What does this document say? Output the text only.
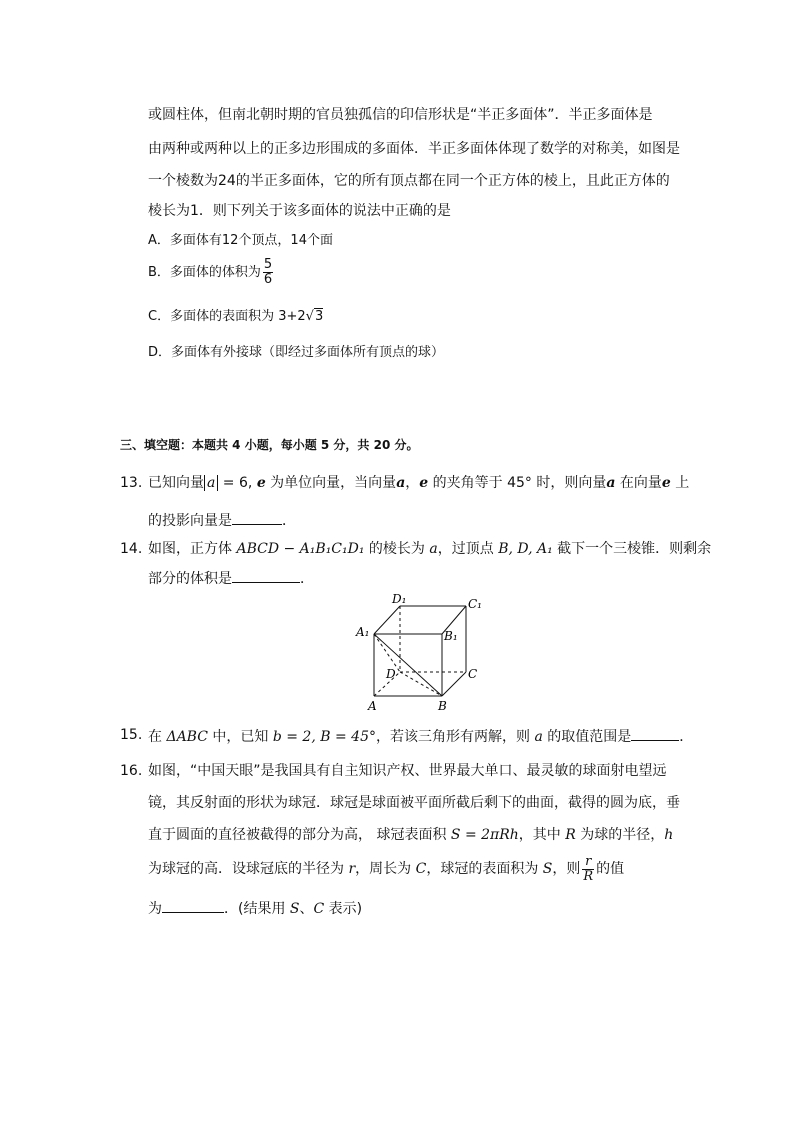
或圆柱体，但南北朝时期的官员独孤信的印信形状是“半正多面体”．半正多面体是
由两种或两种以上的正多边形围成的多面体．半正多面体体现了数学的对称美，如图是
一个棱数为24的半正多面体，它的所有顶点都在同一个正方体的棱上，且此正方体的
棱长为1．则下列关于该多面体的说法中正确的是
A．多面体有12个顶点，14个面
B．多面体的体积为 $\frac{5}{6}$
C．多面体的表面积为 3+2√3
D．多面体有外接球（即经过多面体所有顶点的球）
三、填空题：本题共 4 小题，每小题 5 分，共 20 分。
13. 已知向量 a = 6, e 为单位向量，当向量a，e 的夹角等于 45° 时，则向量a 在向量e 上
的投影向量是	．
14. 如图，正方体 ABCD − A₁B₁C₁D₁ 的棱长为 a，过顶点 B, D, A₁ 截下一个三棱锥．则剩余
部分的体积是	．
D₁	C₁
A₁	B₁
D	C
A	B
15. 在 ΔABC 中，已知 b = 2, B = 45°，若该三角形有两解，则 a 的取值范围是	．
16. 如图，“中国天眼”是我国具有自主知识产权、世界最大单口、最灵敏的球面射电望远
镜，其反射面的形状为球冠．球冠是球面被平面所截后剩下的曲面，截得的圆为底，垂
直于圆面的直径被截得的部分为高， 球冠表面积 S = 2πRh，其中 R 为球的半径，h
为球冠的高．设球冠底的半径为 r，周长为 C，球冠的表面积为 S，则 $\frac{r}{R}$ 的值
为	．(结果用 S、C 表示)
